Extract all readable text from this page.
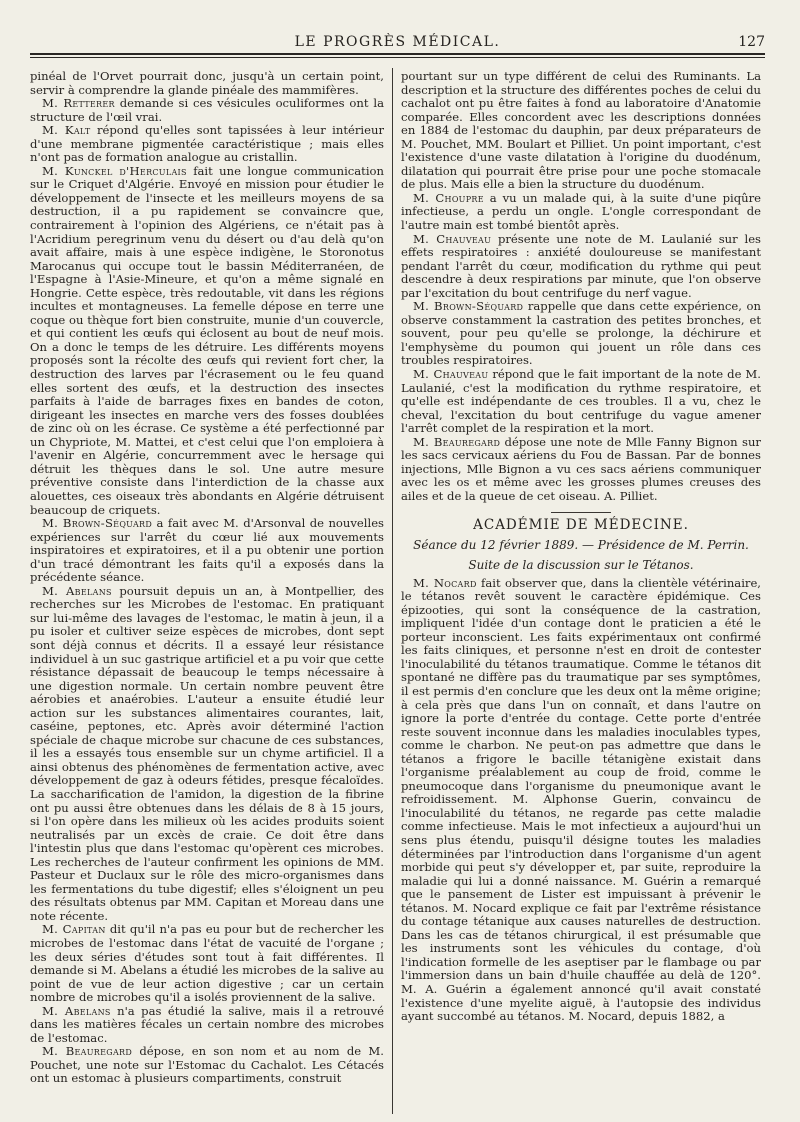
LE PROGRÈS MÉDICAL.	127

pinéal de l'Orvet pourrait donc, jusqu'à un certain point, servir à comprendre la glande pinéale des mammifères.

M. Retterer demande si ces vésicules oculiformes ont la structure de l'œil vrai.

M. Kalt répond qu'elles sont tapissées à leur intérieur d'une membrane pigmentée caractéristique ; mais elles n'ont pas de formation analogue au cristallin.

M. Kunckel d'Herculais fait une longue communication sur le Criquet d'Algérie. Envoyé en mission pour étudier le développement de l'insecte et les meilleurs moyens de sa destruction, il a pu rapidement se convaincre que, contrairement à l'opinion des Algériens, ce n'était pas à l'Acridium peregrinum venu du désert ou d'au delà qu'on avait affaire, mais à une espèce indigène, le Storonotus Marocanus qui occupe tout le bassin Méditerranéen, de l'Espagne à l'Asie-Mineure, et qu'on a même signalé en Hongrie. Cette espèce, très redoutable, vit dans les régions incultes et montagneuses. La femelle dépose en terre une coque ou thèque fort bien construite, munie d'un couvercle, et qui contient les œufs qui éclosent au bout de neuf mois. On a donc le temps de les détruire. Les différents moyens proposés sont la récolte des œufs qui revient fort cher, la destruction des larves par l'écrasement ou le feu quand elles sortent des œufs, et la destruction des insectes parfaits à l'aide de barrages fixes en bandes de coton, dirigeant les insectes en marche vers des fosses doublées de zinc où on les écrase. Ce système a été perfectionné par un Chypriote, M. Mattei, et c'est celui que l'on emploiera à l'avenir en Algérie, concurremment avec le hersage qui détruit les thèques dans le sol. Une autre mesure préventive consiste dans l'interdiction de la chasse aux alouettes, ces oiseaux très abondants en Algérie détruisent beaucoup de criquets.

M. Brown-Séquard a fait avec M. d'Arsonval de nouvelles expériences sur l'arrêt du cœur lié aux mouvements inspiratoires et expiratoires, et il a pu obtenir une portion d'un tracé démontrant les faits qu'il a exposés dans la précédente séance.

M. Abelans poursuit depuis un an, à Montpellier, des recherches sur les Microbes de l'estomac. En pratiquant sur lui-même des lavages de l'estomac, le matin à jeun, il a pu isoler et cultiver seize espèces de microbes, dont sept sont déjà connus et décrits. Il a essayé leur résistance individuel à un suc gastrique artificiel et a pu voir que cette résistance dépassait de beaucoup le temps nécessaire à une digestion normale. Un certain nombre peuvent être aérobies et anaérobies. L'auteur a ensuite étudié leur action sur les substances alimentaires courantes, lait, caséine, peptones, etc. Après avoir déterminé l'action spéciale de chaque microbe sur chacune de ces substances, il les a essayés tous ensemble sur un chyme artificiel. Il a ainsi obtenus des phénomènes de fermentation active, avec développement de gaz à odeurs fétides, presque fécaloïdes. La saccharification de l'amidon, la digestion de la fibrine ont pu aussi être obtenues dans les délais de 8 à 15 jours, si l'on opère dans les milieux où les acides produits soient neutralisés par un excès de craie. Ce doit être dans l'intestin plus que dans l'estomac qu'opèrent ces microbes. Les recherches de l'auteur confirment les opinions de MM. Pasteur et Duclaux sur le rôle des micro-organismes dans les fermentations du tube digestif; elles s'éloignent un peu des résultats obtenus par MM. Capitan et Moreau dans une note récente.

M. Capitan dit qu'il n'a pas eu pour but de rechercher les microbes de l'estomac dans l'état de vacuité de l'organe ; les deux séries d'études sont tout à fait différentes. Il demande si M. Abelans a étudié les microbes de la salive au point de vue de leur action digestive ; car un certain nombre de microbes qu'il a isolés proviennent de la salive.

M. Abelans n'a pas étudié la salive, mais il a retrouvé dans les matières fécales un certain nombre des microbes de l'estomac.

M. Beauregard dépose, en son nom et au nom de M. Pouchet, une note sur l'Estomac du Cachalot. Les Cétacés ont un estomac à plusieurs compartiments, construit

pourtant sur un type différent de celui des Ruminants. La description et la structure des différentes poches de celui du cachalot ont pu être faites à fond au laboratoire d'Anatomie comparée. Elles concordent avec les descriptions données en 1884 de l'estomac du dauphin, par deux préparateurs de M. Pouchet, MM. Boulart et Pilliet. Un point important, c'est l'existence d'une vaste dilatation à l'origine du duodénum, dilatation qui pourrait être prise pour une poche stomacale de plus. Mais elle a bien la structure du duodénum.

M. Choupre a vu un malade qui, à la suite d'une piqûre infectieuse, a perdu un ongle. L'ongle correspondant de l'autre main est tombé bientôt après.

M. Chauveau présente une note de M. Laulanié sur les effets respiratoires : anxiété douloureuse se manifestant pendant l'arrêt du cœur, modification du rythme qui peut descendre à deux respirations par minute, que l'on observe par l'excitation du bout centrifuge du nerf vague.

M. Brown-Séquard rappelle que dans cette expérience, on observe constamment la castration des petites bronches, et souvent, pour peu qu'elle se prolonge, la déchirure et l'emphysème du poumon qui jouent un rôle dans ces troubles respiratoires.

M. Chauveau répond que le fait important de la note de M. Laulanié, c'est la modification du rythme respiratoire, et qu'elle est indépendante de ces troubles. Il a vu, chez le cheval, l'excitation du bout centrifuge du vague amener l'arrêt complet de la respiration et la mort.

M. Beauregard dépose une note de Mlle Fanny Bignon sur les sacs cervicaux aériens du Fou de Bassan. Par de bonnes injections, Mlle Bignon a vu ces sacs aériens communiquer avec les os et même avec les grosses plumes creuses des ailes et de la queue de cet oiseau. A. Pilliet.

ACADÉMIE DE MÉDECINE.
Séance du 12 février 1889. — Présidence de M. Perrin.
Suite de la discussion sur le Tétanos.

M. Nocard fait observer que, dans la clientèle vétérinaire, le tétanos revêt souvent le caractère épidémique. Ces épizooties, qui sont la conséquence de la castration, impliquent l'idée d'un contage dont le praticien a été le porteur inconscient. Les faits expérimentaux ont confirmé les faits cliniques, et personne n'est en droit de contester l'inoculabilité du tétanos traumatique. Comme le tétanos dit spontané ne diffère pas du traumatique par ses symptômes, il est permis d'en conclure que les deux ont la même origine; à cela près que dans l'un on connaît, et dans l'autre on ignore la porte d'entrée du contage. Cette porte d'entrée reste souvent inconnue dans les maladies inoculables types, comme le charbon. Ne peut-on pas admettre que dans le tétanos a frigore le bacille tétanigène existait dans l'organisme préalablement au coup de froid, comme le pneumocoque dans l'organisme du pneumonique avant le refroidissement. M. Alphonse Guerin, convaincu de l'inoculabilité du tétanos, ne regarde pas cette maladie comme infectieuse. Mais le mot infectieux a aujourd'hui un sens plus étendu, puisqu'il désigne toutes les maladies déterminées par l'introduction dans l'organisme d'un agent morbide qui peut s'y développer et, par suite, reproduire la maladie qui lui a donné naissance. M. Guérin a remarqué que le pansement de Lister est impuissant à prévenir le tétanos. M. Nocard explique ce fait par l'extrême résistance du contage tétanique aux causes naturelles de destruction. Dans les cas de tétanos chirurgical, il est présumable que les instruments sont les véhicules du contage, d'où l'indication formelle de les aseptiser par le flambage ou par l'immersion dans un bain d'huile chauffée au delà de 120°. M. A. Guérin a également annoncé qu'il avait constaté l'existence d'une myelite aiguë, à l'autopsie des individus ayant succombé au tétanos. M. Nocard, depuis 1882, a
